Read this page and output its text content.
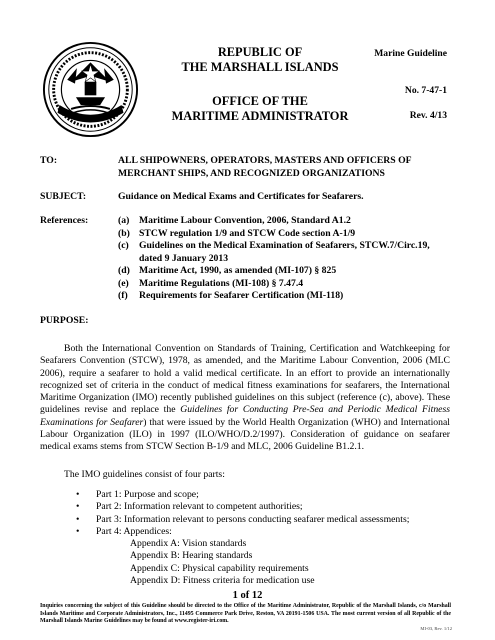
REPUBLIC OF
THE MARSHALL ISLANDS
OFFICE OF THE
MARITIME ADMINISTRATOR
Marine Guideline
No. 7-47-1
Rev. 4/13
TO:	ALL SHIPOWNERS, OPERATORS, MASTERS AND OFFICERS OF MERCHANT SHIPS, AND RECOGNIZED ORGANIZATIONS
SUBJECT:	Guidance on Medical Exams and Certificates for Seafarers.
References:	(a) Maritime Labour Convention, 2006, Standard A1.2
(b) STCW regulation 1/9 and STCW Code section A-1/9
(c) Guidelines on the Medical Examination of Seafarers, STCW.7/Circ.19, dated 9 January 2013
(d) Maritime Act, 1990, as amended (MI-107) § 825
(e) Maritime Regulations (MI-108) § 7.47.4
(f) Requirements for Seafarer Certification (MI-118)
PURPOSE:
Both the International Convention on Standards of Training, Certification and Watchkeeping for Seafarers Convention (STCW), 1978, as amended, and the Maritime Labour Convention, 2006 (MLC 2006), require a seafarer to hold a valid medical certificate. In an effort to provide an internationally recognized set of criteria in the conduct of medical fitness examinations for seafarers, the International Maritime Organization (IMO) recently published guidelines on this subject (reference (c), above). These guidelines revise and replace the Guidelines for Conducting Pre-Sea and Periodic Medical Fitness Examinations for Seafarer) that were issued by the World Health Organization (WHO) and International Labour Organization (ILO) in 1997 (ILO/WHO/D.2/1997). Consideration of guidance on seafarer medical exams stems from STCW Section B-1/9 and MLC, 2006 Guideline B1.2.1.
The IMO guidelines consist of four parts:
• Part 1: Purpose and scope;
• Part 2: Information relevant to competent authorities;
• Part 3: Information relevant to persons conducting seafarer medical assessments;
• Part 4: Appendices:
Appendix A: Vision standards
Appendix B: Hearing standards
Appendix C: Physical capability requirements
Appendix D: Fitness criteria for medication use
1 of 12
Inquiries concerning the subject of this Guideline should be directed to the Office of the Maritime Administrator, Republic of the Marshall Islands, c/o Marshall Islands Maritime and Corporate Administrators, Inc., 11495 Commerce Park Drive, Reston, VA 20191-1506 USA. The most current version of all Republic of the Marshall Islands Marine Guidelines may be found at www.register-iri.com.
MI-03, Rev. 1/12
